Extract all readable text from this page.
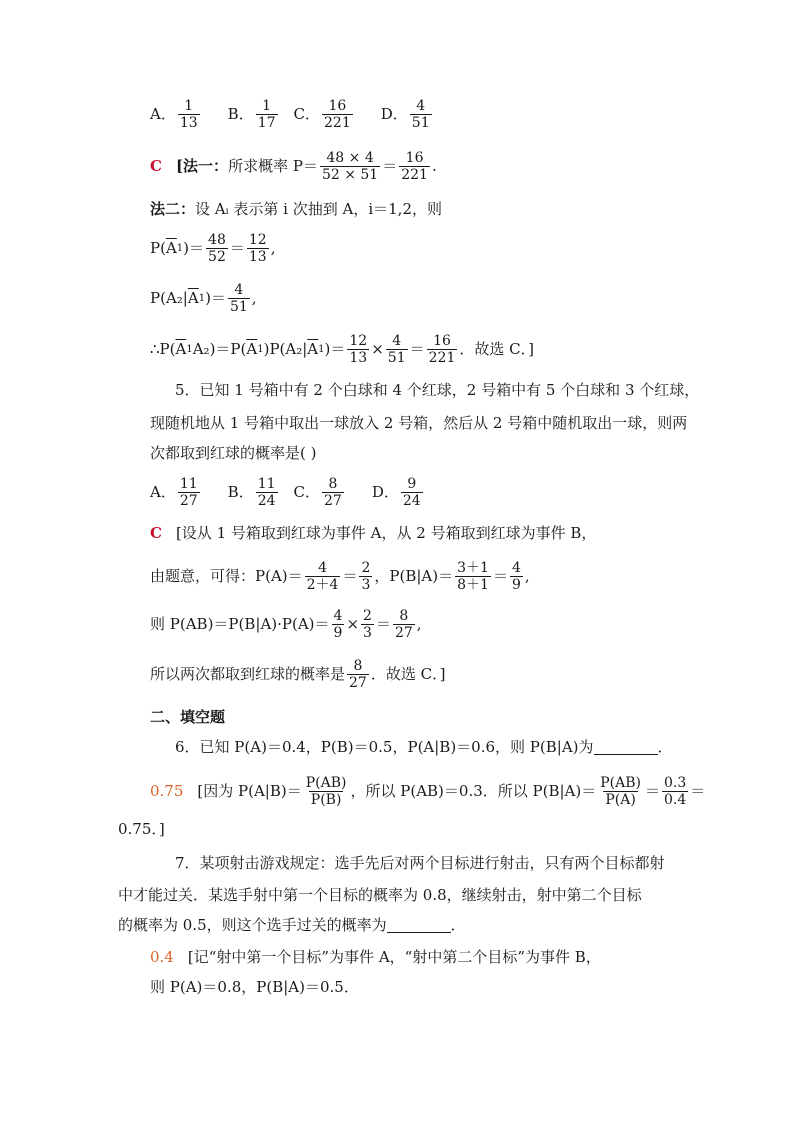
A． $\frac{1}{13}$ B． $\frac{1}{17}$ C． $\frac{16}{221}$ D． $\frac{4}{51}$
C [法一： 所求概率 $P= \frac{48 \times 4}{52 \times 51} = \frac{16}{221}$ .
法二： 设 Aᵢ 表示第 i 次抽到 A，i＝1,2，则
P( $\overline{A}$ 1 )＝ $\frac{48}{52} = \frac{12}{13}$ ,
P(A₂| $\overline{A}$ 1 )＝ $\frac{4}{51}$ ,
∴P( $\overline{A}$ 1 A₂)＝P( $\overline{A}$ 1 )P(A₂| $\overline{A}$ 1 )＝ $\frac{12}{13} \times \frac{4}{51} = \frac{16}{221}$ ．故选 C．]
5．已知 1 号箱中有 2 个白球和 4 个红球，2 号箱中有 5 个白球和 3 个红球，
现随机地从 1 号箱中取出一球放入 2 号箱，然后从 2 号箱中随机取出一球，则两
次都取到红球的概率是( )
A． $\frac{11}{27}$ B． $\frac{11}{24}$ C． $\frac{8}{27}$ D． $\frac{9}{24}$
C [设从 1 号箱取到红球为事件 A，从 2 号箱取到红球为事件 B，
由题意，可得：$P(A)= \frac{4}{2+4} = \frac{2}{3}$ ，$P(B|A)= \frac{3+1}{8+1} = \frac{4}{9}$ ,
则 $P(AB)=P(B|A)\cdot P(A)= \frac{4}{9} \times \frac{2}{3} = \frac{8}{27}$ ,
所以两次都取到红球的概率是 $\frac{8}{27}$ ．故选 C．]
二、填空题
6．已知 P(A)＝0.4，P(B)＝0.5，P(A|B)＝0.6，则 P(B|A)为	．
0.75 [因为 $P(A|B)= \frac{P(AB)}{P(B)}$ ，所以 P(AB)＝0.3．所以 $P(B|A)= \frac{P(AB)}{P(A)} = \frac{0.3}{0.4}$ ＝
0.75．]
7．某项射击游戏规定：选手先后对两个目标进行射击，只有两个目标都射
中才能过关．某选手射中第一个目标的概率为 0.8，继续射击，射中第二个目标
的概率为 0.5，则这个选手过关的概率为	．
0.4 [记“射中第一个目标”为事件 A，“射中第二个目标”为事件 B，
则 P(A)＝0.8，P(B|A)＝0.5．
